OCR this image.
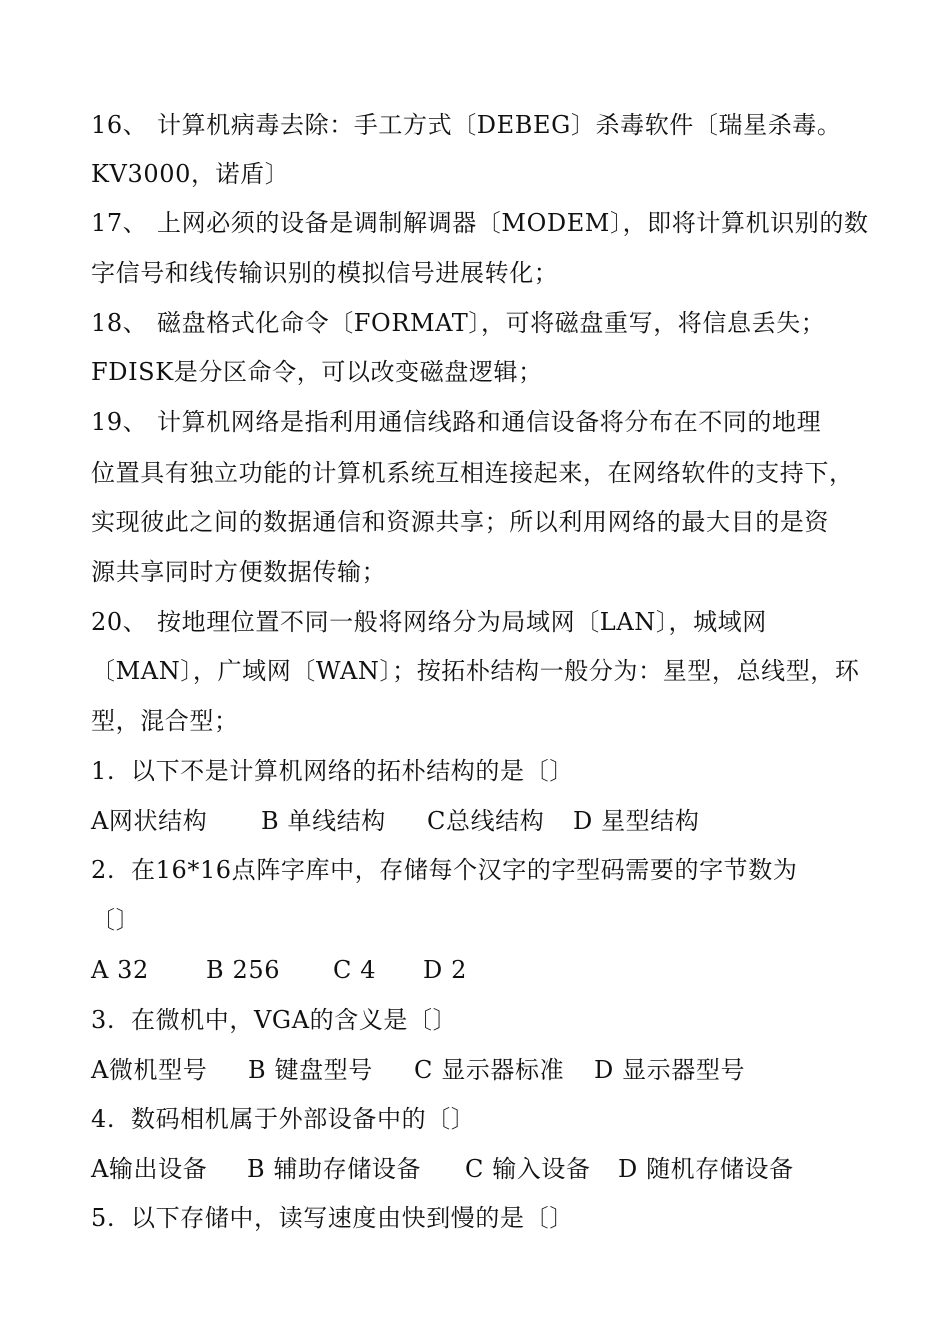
16、 计算机病毒去除：手工方式〔DEBEG〕杀毒软件〔瑞星杀毒。
KV3000，诺盾〕
17、 上网必须的设备是调制解调器〔MODEM〕，即将计算机识别的数
字信号和线传输识别的模拟信号进展转化；
18、 磁盘格式化命令〔FORMAT〕，可将磁盘重写，将信息丢失；
FDISK是分区命令，可以改变磁盘逻辑；
19、 计算机网络是指利用通信线路和通信设备将分布在不同的地理
位置具有独立功能的计算机系统互相连接起来，在网络软件的支持下，
实现彼此之间的数据通信和资源共享；所以利用网络的最大目的是资
源共享同时方便数据传输；
20、 按地理位置不同一般将网络分为局域网〔LAN〕，城域网
〔MAN〕，广域网〔WAN〕；按拓朴结构一般分为：星型，总线型，环
型，混合型；
1. 以下不是计算机网络的拓朴结构的是〔〕
A网状结构 B 单线结构 C总线结构 D 星型结构
2. 在16*16点阵字库中，存储每个汉字的字型码需要的字节数为
〔〕
A 32 B 256 C 4 D 2
3. 在微机中，VGA的含义是〔〕
A微机型号 B 键盘型号 C 显示器标准 D 显示器型号
4. 数码相机属于外部设备中的〔〕
A输出设备 B 辅助存储设备 C 输入设备 D 随机存储设备
5. 以下存储中，读写速度由快到慢的是〔〕
